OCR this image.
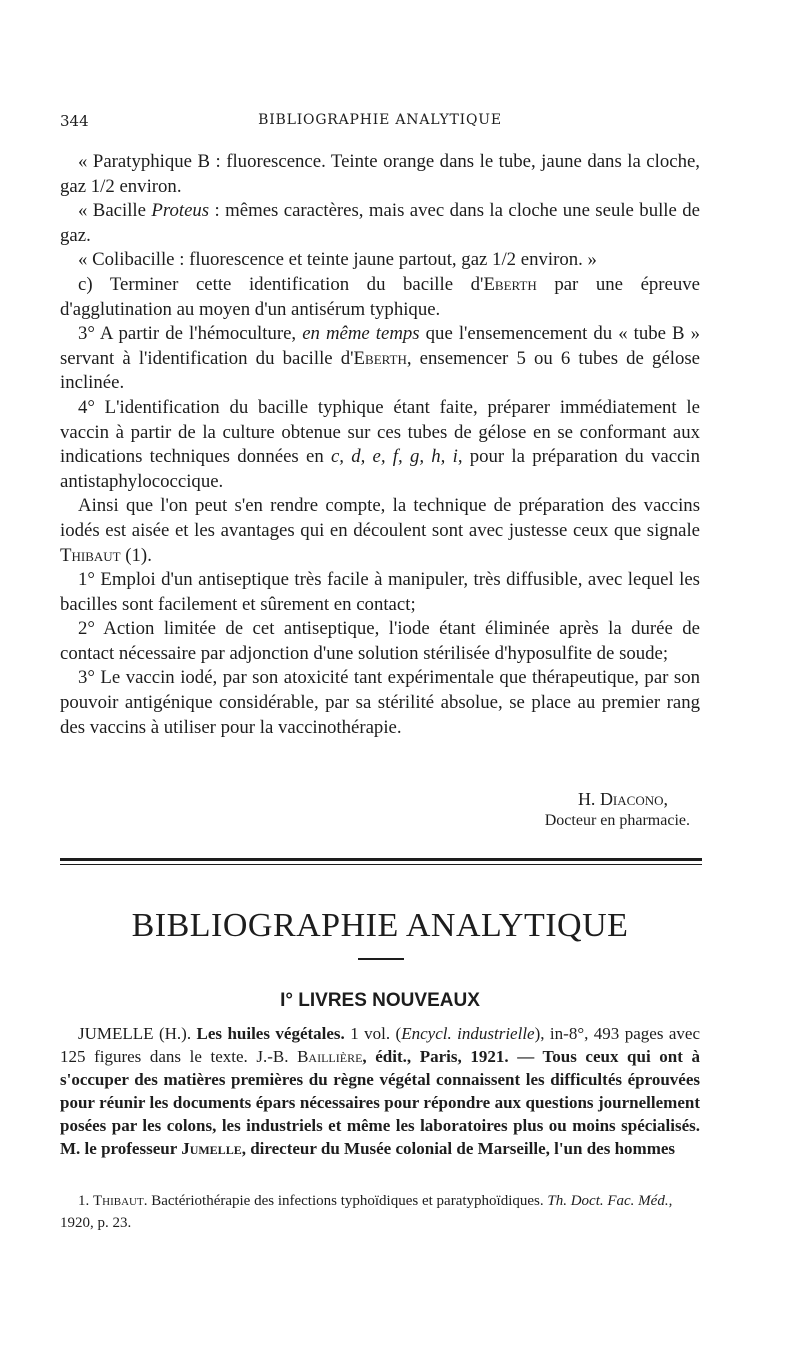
344	BIBLIOGRAPHIE ANALYTIQUE

« Paratyphique B : fluorescence. Teinte orange dans le tube, jaune dans la cloche, gaz 1/2 environ.

« Bacille Proteus : mêmes caractères, mais avec dans la cloche une seule bulle de gaz.

« Colibacille : fluorescence et teinte jaune partout, gaz 1/2 environ. »

c) Terminer cette identification du bacille d'Eberth par une épreuve d'agglutination au moyen d'un antisérum typhique.

3° A partir de l'hémoculture, en même temps que l'ensemencement du « tube B » servant à l'identification du bacille d'Eberth, ensemencer 5 ou 6 tubes de gélose inclinée.

4° L'identification du bacille typhique étant faite, préparer immédiatement le vaccin à partir de la culture obtenue sur ces tubes de gélose en se conformant aux indications techniques données en c, d, e, f, g, h, i, pour la préparation du vaccin antistaphylococcique.

Ainsi que l'on peut s'en rendre compte, la technique de préparation des vaccins iodés est aisée et les avantages qui en découlent sont avec justesse ceux que signale Thibaut (1).

1° Emploi d'un antiseptique très facile à manipuler, très diffusible, avec lequel les bacilles sont facilement et sûrement en contact;

2° Action limitée de cet antiseptique, l'iode étant éliminée après la durée de contact nécessaire par adjonction d'une solution stérilisée d'hyposulfite de soude;

3° Le vaccin iodé, par son atoxicité tant expérimentale que thérapeutique, par son pouvoir antigénique considérable, par sa stérilité absolue, se place au premier rang des vaccins à utiliser pour la vaccinothérapie.

H. Diacono,
Docteur en pharmacie.
BIBLIOGRAPHIE ANALYTIQUE
I° LIVRES NOUVEAUX

JUMELLE (H.). Les huiles végétales. 1 vol. (Encycl. industrielle), in-8°, 493 pages avec 125 figures dans le texte. J.-B. Baillière, édit., Paris, 1921. — Tous ceux qui ont à s'occuper des matières premières du règne végétal connaissent les difficultés éprouvées pour réunir les documents épars nécessaires pour répondre aux questions journellement posées par les colons, les industriels et même les laboratoires plus ou moins spécialisés. M. le professeur Jumelle, directeur du Musée colonial de Marseille, l'un des hommes

1. Thibaut. Bactériothérapie des infections typhoïdiques et paratyphoïdiques. Th. Doct. Fac. Méd., 1920, p. 23.
